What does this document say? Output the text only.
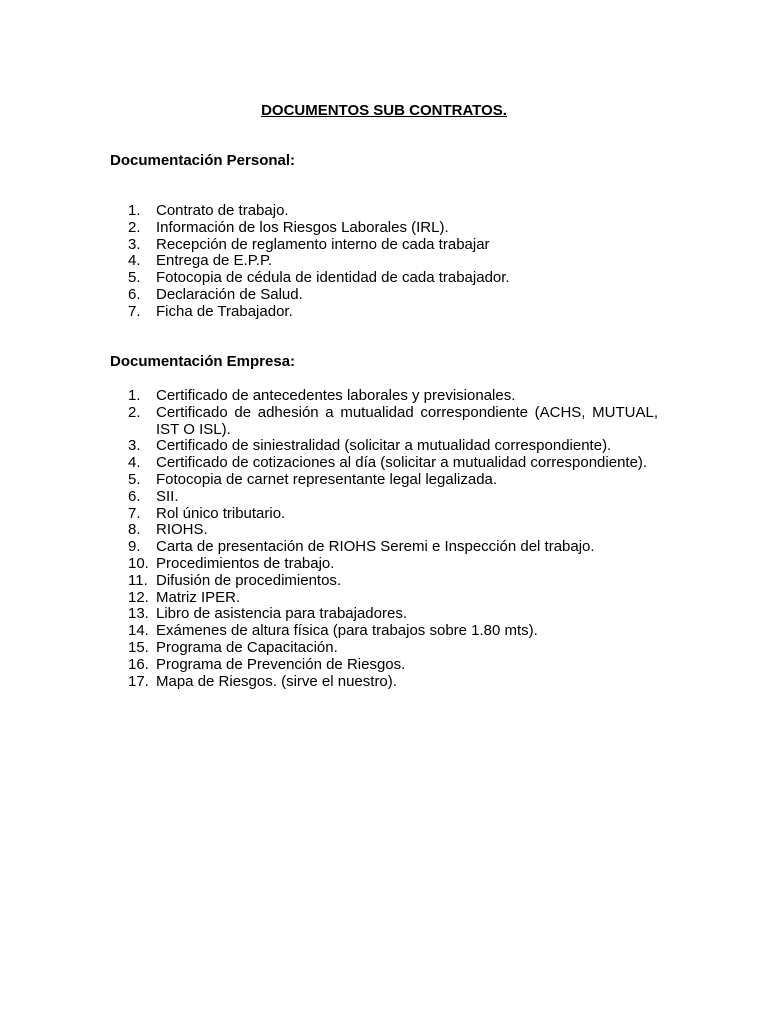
DOCUMENTOS SUB CONTRATOS.
Documentación Personal:
1.	Contrato de trabajo.
2.	Información de los Riesgos Laborales (IRL).
3.	Recepción de reglamento interno de cada trabajar
4.	Entrega de E.P.P.
5.	Fotocopia de cédula de identidad de cada trabajador.
6.	Declaración de Salud.
7.	Ficha de Trabajador.
Documentación Empresa:
1.	Certificado de antecedentes laborales y previsionales.
2.	Certificado de adhesión a mutualidad correspondiente (ACHS, MUTUAL, IST O ISL).
3.	Certificado de siniestralidad (solicitar a mutualidad correspondiente).
4.	Certificado de cotizaciones al día (solicitar a mutualidad correspondiente).
5.	Fotocopia de carnet representante legal legalizada.
6.	SII.
7.	Rol único tributario.
8.	RIOHS.
9.	Carta de presentación de RIOHS Seremi e Inspección del trabajo.
10. Procedimientos de trabajo.
11. Difusión de procedimientos.
12. Matriz IPER.
13. Libro de asistencia para trabajadores.
14. Exámenes de altura física (para trabajos sobre 1.80 mts).
15. Programa de Capacitación.
16. Programa de Prevención de Riesgos.
17. Mapa de Riesgos. (sirve el nuestro).
